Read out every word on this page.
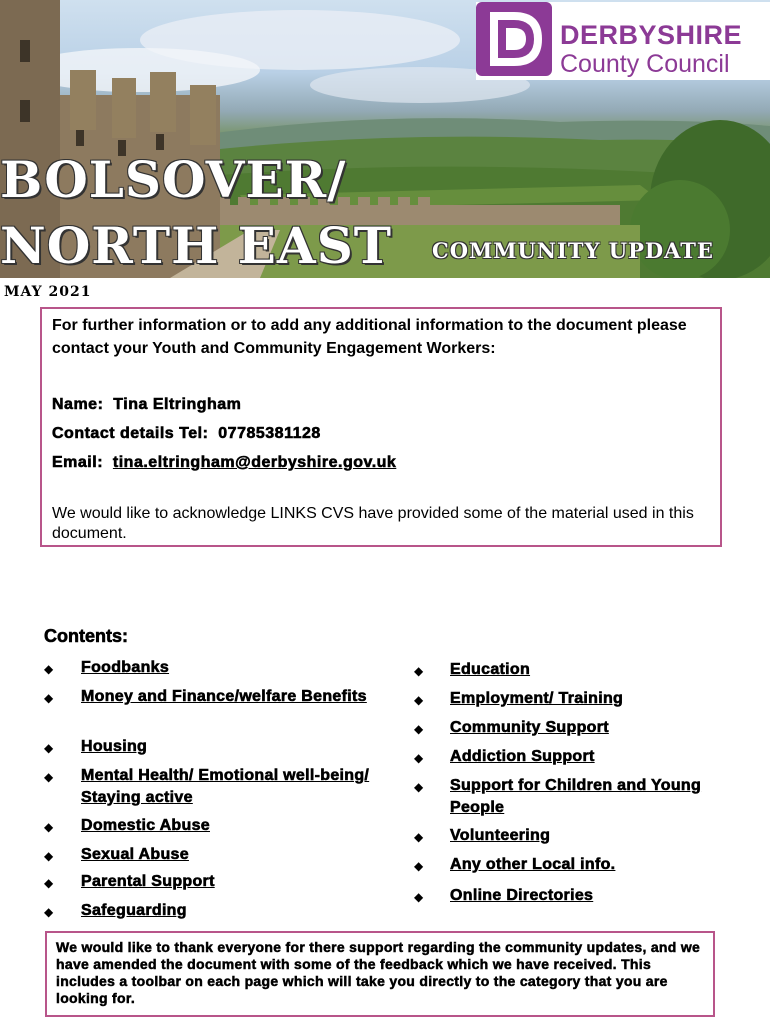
DERBYSHIRE
County Council
BOLSOVER/
NORTH EAST COMMUNITY UPDATE
MAY 2021
For further information or to add any additional information to the document please contact your Youth and Community Engagement Workers:
Name: Tina Eltringham
Contact details Tel: 07785381128
Email: tina.eltringham@derbyshire.gov.uk
We would like to acknowledge LINKS CVS have provided some of the material used in this document.
Contents:
◆ Foodbanks
◆ Money and Finance/welfare Benefits
◆ Housing
◆ Mental Health/ Emotional well-being/ Staying active
◆ Domestic Abuse
◆ Sexual Abuse
◆ Parental Support
◆ Safeguarding
◆ Education
◆ Employment/ Training
◆ Community Support
◆ Addiction Support
◆ Support for Children and Young People
◆ Volunteering
◆ Any other Local info.
◆ Online Directories
We would like to thank everyone for there support regarding the community updates, and we have amended the document with some of the feedback which we have received. This includes a toolbar on each page which will take you directly to the category that you are looking for.
